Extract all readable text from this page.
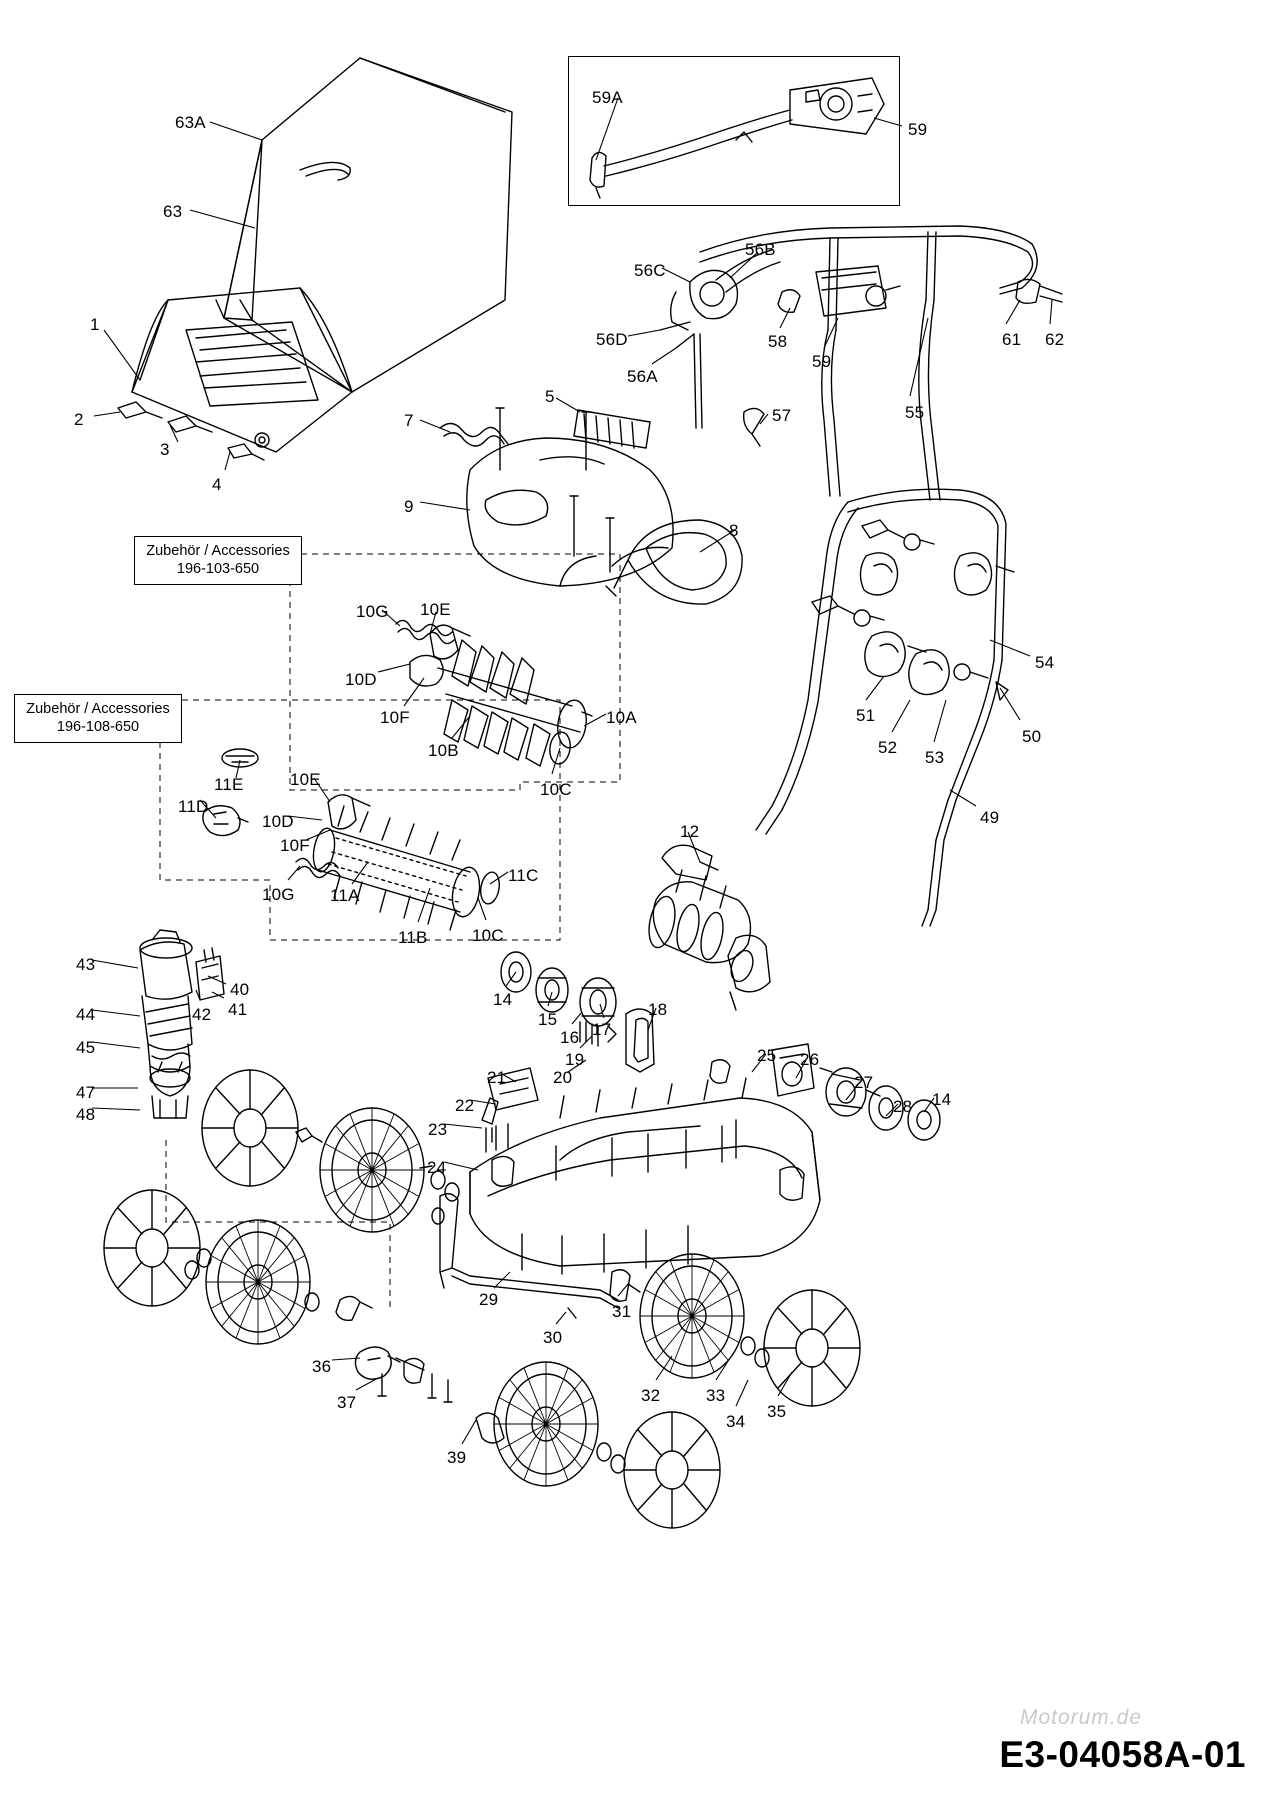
Zubehör / Accessories
196-103-650
Zubehör / Accessories
196-108-650
63A
63
1
2
3
4
7
5
9
8
57
59A
59
56B
56C
56D
56A
58
59
61 62
55
54
51
52
53
50
49
10G 10E
10D
10F
10B
10A
10C
11E
11D
10E
10D
10F
10G 11A
11B
11C
10C
12
14
15
16
19
17
18
20
21
22
23
24
25 26
27
28 14
43
40
42 41
44
45
47
48
29
30
31
32	33
34
35
36
37
39
Motorum.de
E3-04058A-01
